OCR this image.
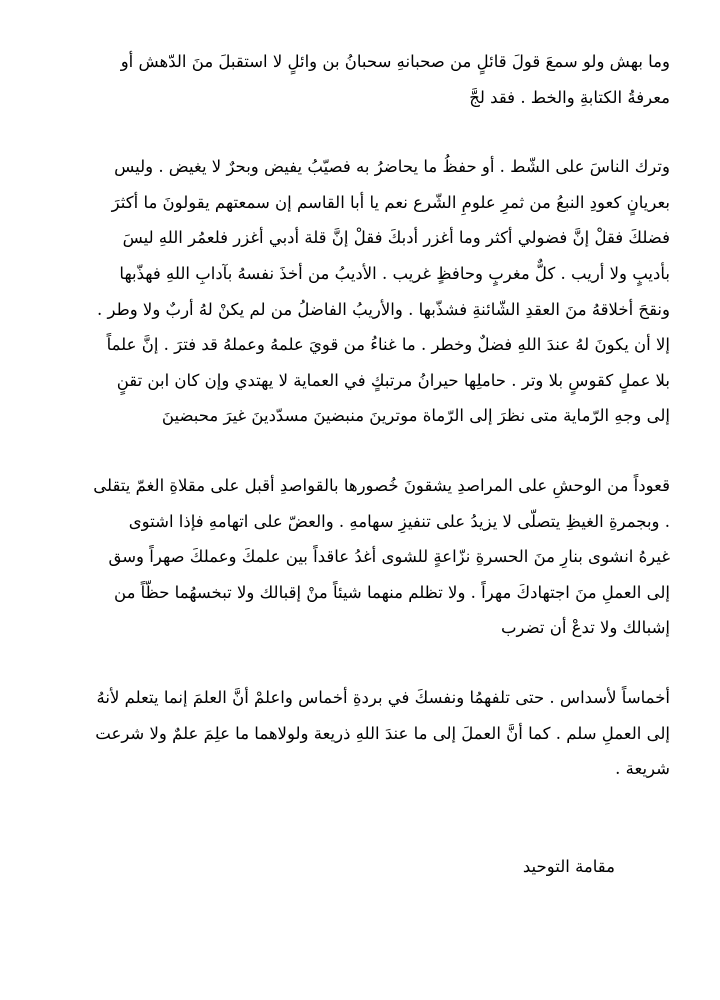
وما بهش ولو سمعَ قولَ قائلٍ من صحبانهِ سحبانُ بن وائلٍ لا استقبلَ منَ الدّهش أو
معرفةُ الكتابةِ والخط . فقد لجَّ
وترك الناسَ على الشّط . أو حفظُ ما يحاضرُ به فصيّبُ يفيض وبحرٌ لا يغيض . وليس
بعريانٍ كعودِ النبعُ من ثمرِ علومِ الشّرع نعم يا أبا القاسم إن سمعتهم يقولونَ ما أكثرَ
فضلكَ فقلْ إنَّ فضولي أكثر وما أغزر أدبكَ فقلْ إنَّ قلة أدبي أغزر فلعمُر اللهِ ليسَ
بأديبٍ ولا أريب . كلٌّ مغربٍ وحافظٍ غريب . الأديبُ من أخذَ نفسهُ بآدابِ اللهِ فهذّبها
ونقحَ أخلاقهُ منَ العقدِ الشّائنةِ فشذّبها . والأريبُ الفاضلُ من لم يكنْ لهُ أربٌ ولا وطر .
إلا أن يكونَ لهُ عندَ اللهِ فضلٌ وخطر . ما غناءُ من قويَ علمهُ وعملهُ قد فترَ . إنَّ علماً
بلا عملٍ كقوسٍ بلا وتر . حاملِها حيرانُ مرتبكٍ في العماية لا يهتدي وإن كان ابن تقنٍ
إلى وجهِ الرّماية متى نظرَ إلى الرّماة موترينَ منبضينَ مسدّدينَ غيرَ محبضينَ
قعوداً من الوحشِ على المراصدِ يشقونَ خُصورها بالقواصدِ أقبل على مقلاةِ الغمّ يتقلى
. وبجمرةِ الغيظِ يتصلّى لا يزيدُ على تنفيزِ سهامهِ . والعضّ على اتهامهِ فإذا اشتوى
غيرهُ انشوى بنارِ منَ الحسرةِ نزّاعةٍ للشوى أغدُ عاقداً بين علمكَ وعملكَ صهراً وسق
إلى العملِ منَ اجتهادكَ مهراً . ولا تظلم منهما شيئاً منْ إقبالك ولا تبخسهُما حظّاً من
إشبالك ولا تدعْ أن تضرب
أخماساً لأسداس . حتى تلفهمُا ونفسكَ في بردةِ أخماس واعلمْ أنَّ العلمَ إنما يتعلم لأنهُ
إلى العملِ سلم . كما أنَّ العملَ إلى ما عندَ اللهِ ذريعة ولولاهما ما علِمَ علمٌ ولا شرعت
شريعة .
مقامة التوحيد
